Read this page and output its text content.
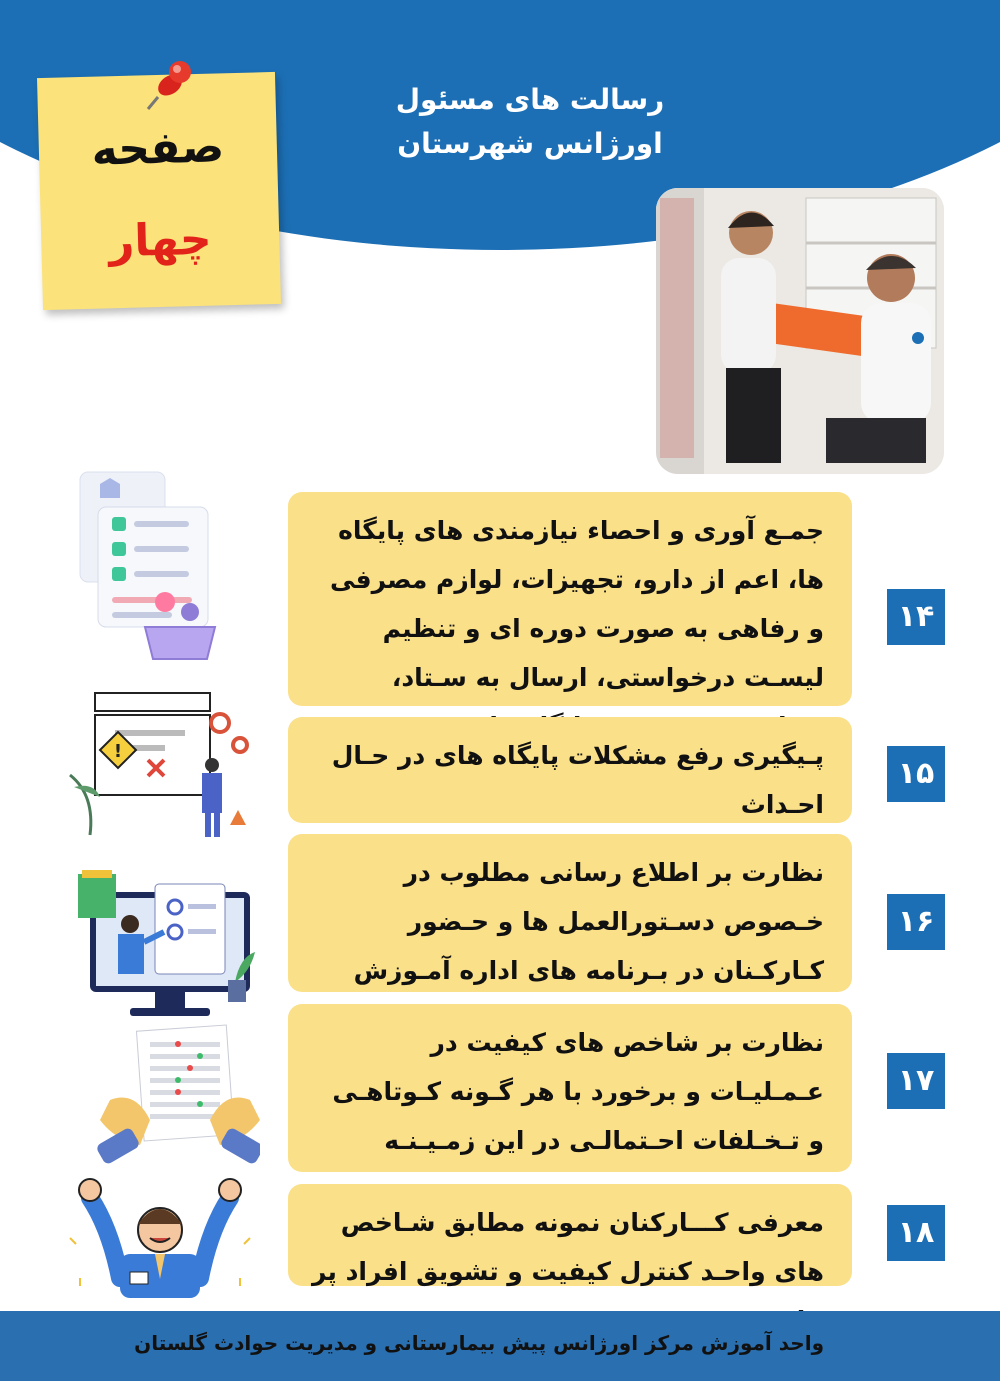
رسالت های مسئول
اورژانس شهرستان
صفحه
چهار
جمـع آوری و احصاء نیازمندی های پایگاه ها، اعم از دارو، تجهیزات، لوازم مصرفی و رفاهی به صورت دوره ای و تنظیم لیسـت درخواستی، ارسال به سـتاد،
۱۴
پـیگیری رفع مشکلات پایگاه های در حـال احـداث
۱۵
!
نظارت بر اطلاع رسانی مطلوب در خـصوص دسـتورالعمل ها و حـضور کـارکـنان در بـرنامه های اداره آمـوزش
۱۶
نظارت بر شاخص های کیفیت در عـمـلیـات و برخورد با هر گـونه کـوتاهـی و تـخـلفات احـتمالـی در این زمـیـنـه
۱۷
معرفی کـــارکنان نمونه مطابق شـاخص های واحـد کنترل کیفیت و تشویق افراد پر
۱۸
واحد آموزش مرکز اورژانس پیش بیمارستانی و مدیریت حوادث گلستان
